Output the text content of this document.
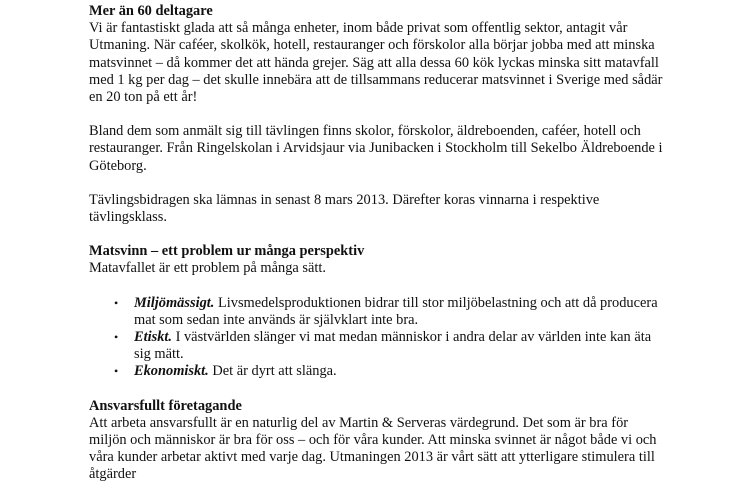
Mer än 60 deltagare

Vi är fantastiskt glada att så många enheter, inom både privat som offentlig sektor, antagit vår Utmaning. När caféer, skolkök, hotell, restauranger och förskolor alla börjar jobba med att minska matsvinnet – då kommer det att hända grejer. Säg att alla dessa 60 kök lyckas minska sitt matavfall med 1 kg per dag – det skulle innebära att de tillsammans reducerar matsvinnet i Sverige med sådär en 20 ton på ett år!

Bland dem som anmält sig till tävlingen finns skolor, förskolor, äldreboenden, caféer, hotell och restauranger. Från Ringelskolan i Arvidsjaur via Junibacken i Stockholm till Sekelbo Äldreboende i Göteborg.

Tävlingsbidragen ska lämnas in senast 8 mars 2013. Därefter koras vinnarna i respektive tävlingsklass.

Matsvinn – ett problem ur många perspektiv

Matavfallet är ett problem på många sätt.

• Miljömässigt. Livsmedelsproduktionen bidrar till stor miljöbelastning och att då producera mat som sedan inte används är självklart inte bra.
• Etiskt. I västvärlden slänger vi mat medan människor i andra delar av världen inte kan äta sig mätt.
• Ekonomiskt. Det är dyrt att slänga.
Ansvarsfullt företagande

Att arbeta ansvarsfullt är en naturlig del av Martin & Serveras värdegrund. Det som är bra för miljön och människor är bra för oss – och för våra kunder. Att minska svinnet är något både vi och våra kunder arbetar aktivt med varje dag. Utmaningen 2013 är vårt sätt att ytterligare stimulera till åtgärder
